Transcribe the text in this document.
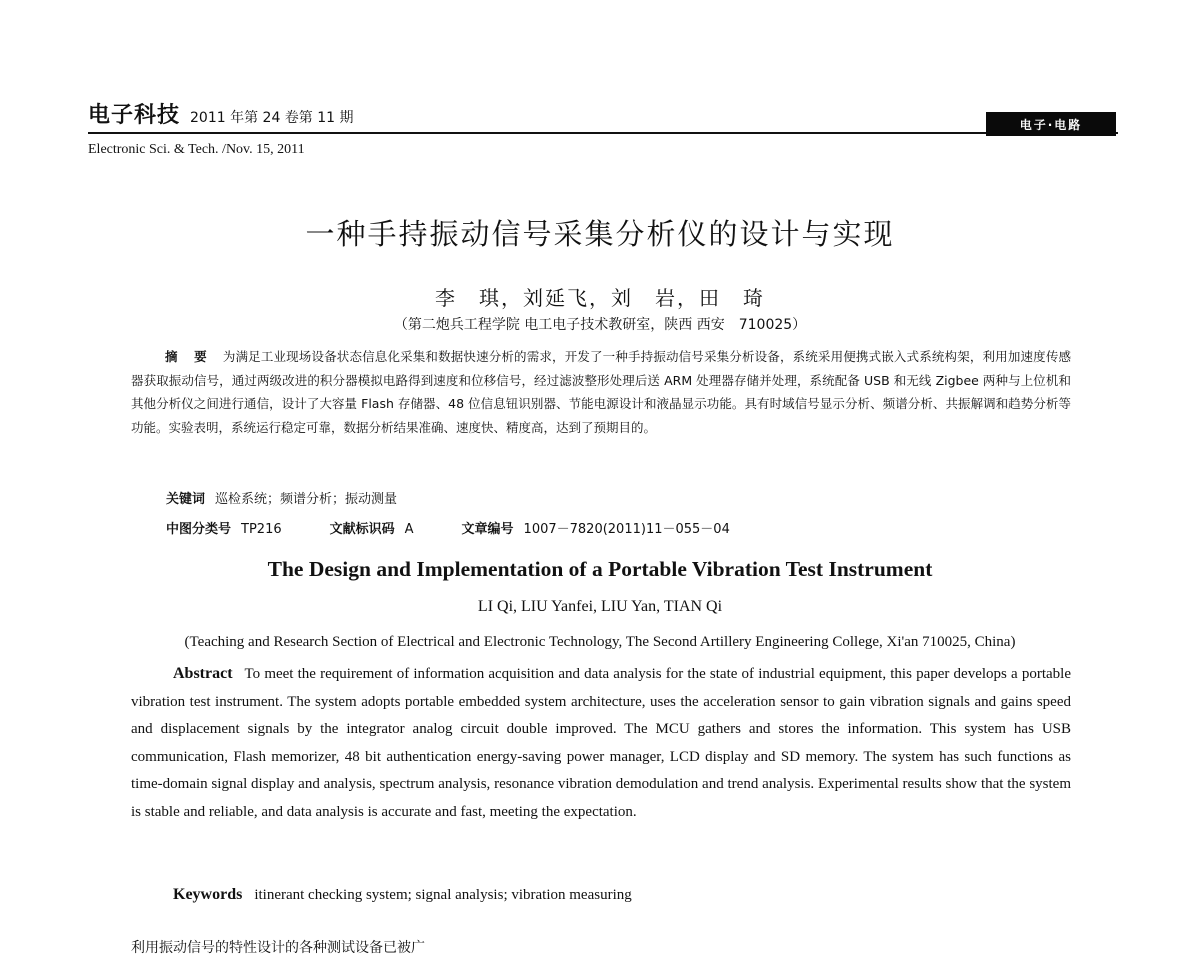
电子科技 2011 年第 24 卷第 11 期
Electronic Sci. & Tech. /Nov. 15, 2011
电子·电路
一种手持振动信号采集分析仪的设计与实现
李　琪，刘延飞，刘　岩，田　琦
（第二炮兵工程学院 电工电子技术教研室，陕西 西安　710025）
摘 要 为满足工业现场设备状态信息化采集和数据快速分析的需求，开发了一种手持振动信号采集分析设备，系统采用便携式嵌入式系统构架，利用加速度传感器获取振动信号，通过两级改进的积分器模拟电路得到速度和位移信号，经过滤波整形处理后送 ARM 处理器存储并处理，系统配备 USB 和无线 Zigbee 两种与上位机和其他分析仪之间进行通信，设计了大容量 Flash 存储器、48 位信息钮识别器、节能电源设计和液晶显示功能。具有时域信号显示分析、频谱分析、共振解调和趋势分析等功能。实验表明，系统运行稳定可靠，数据分析结果准确、速度快、精度高，达到了预期目的。
关键词 巡检系统；频谱分析；振动测量
中图分类号 TP216	文献标识码 A	文章编号 1007－7820(2011)11－055－04
The Design and Implementation of a Portable Vibration Test Instrument
LI Qi, LIU Yanfei, LIU Yan, TIAN Qi
(Teaching and Research Section of Electrical and Electronic Technology, The Second Artillery Engineering College, Xi'an 710025, China)
Abstract To meet the requirement of information acquisition and data analysis for the state of industrial equipment, this paper develops a portable vibration test instrument. The system adopts portable embedded system architecture, uses the acceleration sensor to gain vibration signals and gains speed and displacement signals by the integrator analog circuit double improved. The MCU gathers and stores the information. This system has USB communication, Flash memorizer, 48 bit authentication energy-saving power manager, LCD display and SD memory. The system has such functions as time-domain signal display and analysis, spectrum analysis, resonance vibration demodulation and trend analysis. Experimental results show that the system is stable and reliable, and data analysis is accurate and fast, meeting the expectation.
Keywords itinerant checking system; signal analysis; vibration measuring
利用振动信号的特性设计的各种测试设备已被广
